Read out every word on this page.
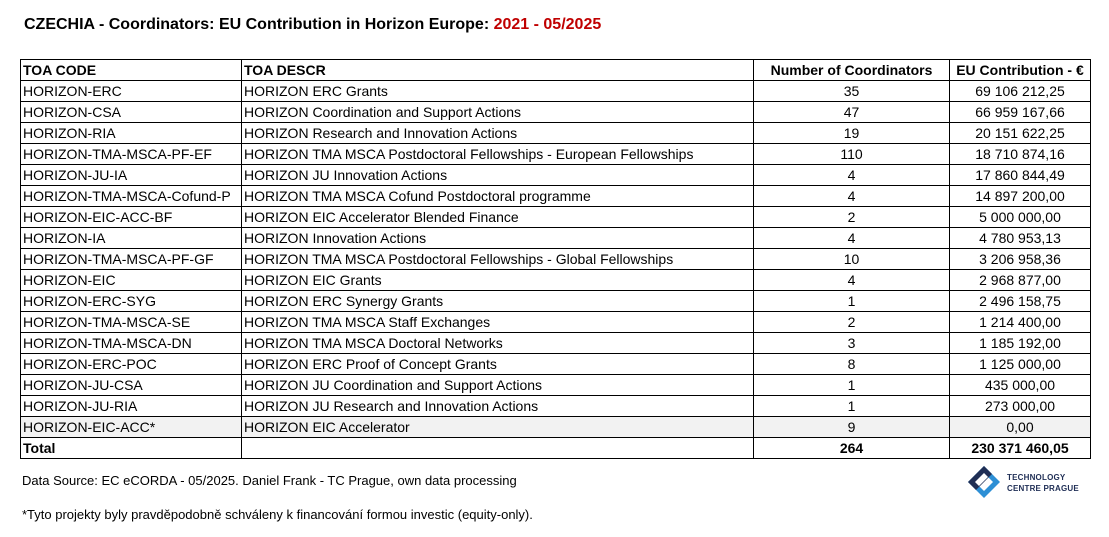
CZECHIA - Coordinators: EU Contribution in Horizon Europe: 2021 - 05/2025
TOA CODE	TOA DESCR	Number of Coordinators	EU Contribution - €
HORIZON-ERC	HORIZON ERC Grants	35	69 106 212,25
HORIZON-CSA	HORIZON Coordination and Support Actions	47	66 959 167,66
HORIZON-RIA	HORIZON Research and Innovation Actions	19	20 151 622,25
HORIZON-TMA-MSCA-PF-EF	HORIZON TMA MSCA Postdoctoral Fellowships - European Fellowships	110	18 710 874,16
HORIZON-JU-IA	HORIZON JU Innovation Actions	4	17 860 844,49
HORIZON-TMA-MSCA-Cofund-P	HORIZON TMA MSCA Cofund Postdoctoral programme	4	14 897 200,00
HORIZON-EIC-ACC-BF	HORIZON EIC Accelerator Blended Finance	2	5 000 000,00
HORIZON-IA	HORIZON Innovation Actions	4	4 780 953,13
HORIZON-TMA-MSCA-PF-GF	HORIZON TMA MSCA Postdoctoral Fellowships - Global Fellowships	10	3 206 958,36
HORIZON-EIC	HORIZON EIC Grants	4	2 968 877,00
HORIZON-ERC-SYG	HORIZON ERC Synergy Grants	1	2 496 158,75
HORIZON-TMA-MSCA-SE	HORIZON TMA MSCA Staff Exchanges	2	1 214 400,00
HORIZON-TMA-MSCA-DN	HORIZON TMA MSCA Doctoral Networks	3	1 185 192,00
HORIZON-ERC-POC	HORIZON ERC Proof of Concept Grants	8	1 125 000,00
HORIZON-JU-CSA	HORIZON JU Coordination and Support Actions	1	435 000,00
HORIZON-JU-RIA	HORIZON JU Research and Innovation Actions	1	273 000,00
HORIZON-EIC-ACC*	HORIZON EIC Accelerator	9	0,00
Total		264	230 371 460,05
Data Source: EC eCORDA - 05/2025. Daniel Frank - TC Prague, own data processing
*Tyto projekty byly pravděpodobně schváleny k financování formou investic (equity-only).
TECHNOLOGY
CENTRE PRAGUE
